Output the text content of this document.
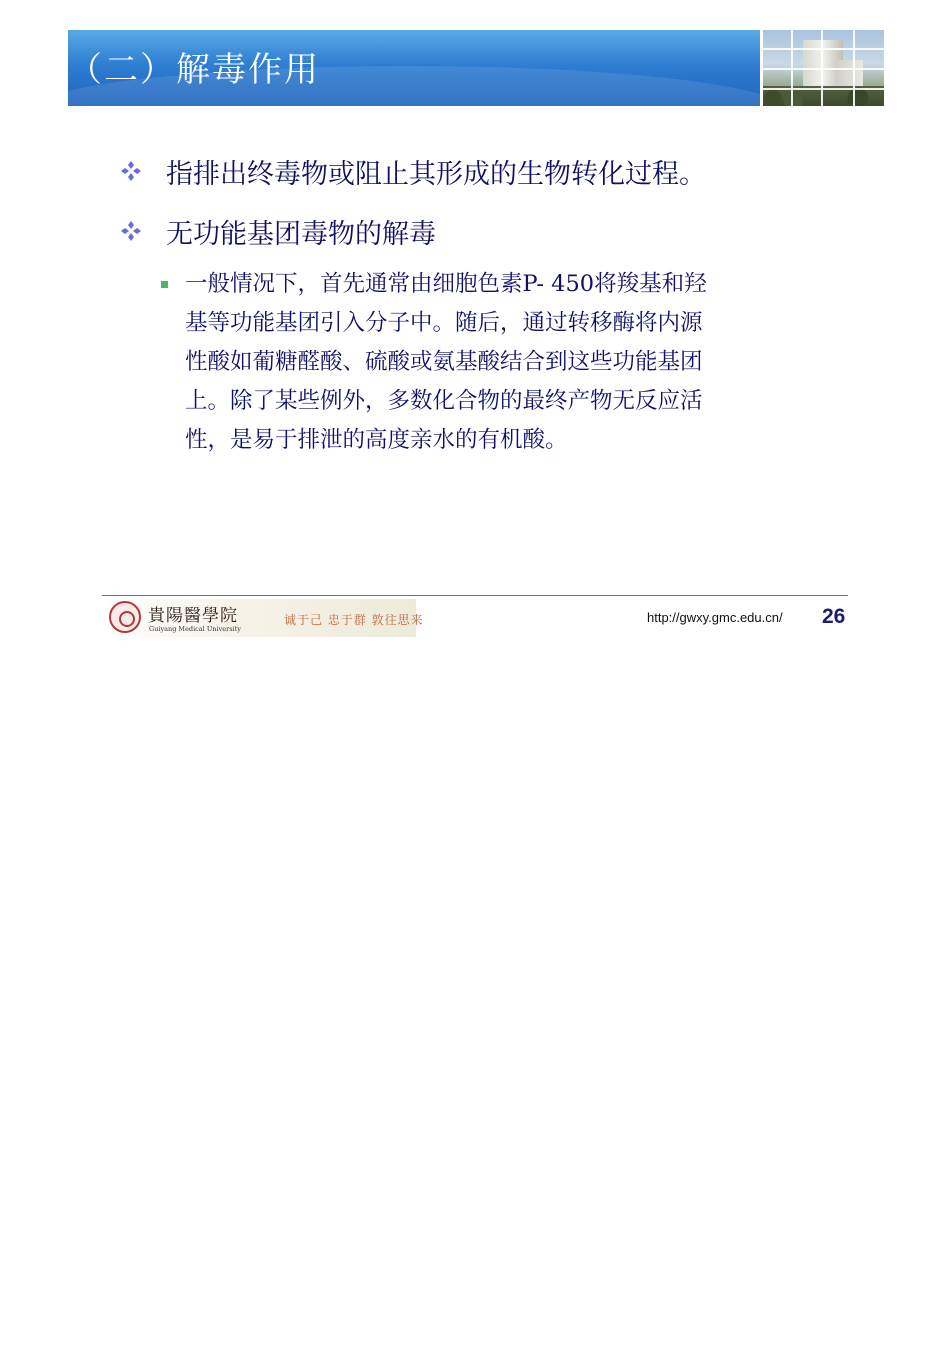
（二）解毒作用
指排出终毒物或阻止其形成的生物转化过程。
无功能基团毒物的解毒
一般情况下，首先通常由细胞色素P- 450将羧基和羟
基等功能基团引入分子中。随后，通过转移酶将内源
性酸如葡糖醛酸、硫酸或氨基酸结合到这些功能基团
上。除了某些例外，多数化合物的最终产物无反应活
性，是易于排泄的高度亲水的有机酸。
貴陽醫學院
Guiyang Medical University
诚于己 忠于群 敦往思来	http://gwxy.gmc.edu.cn/ 26
